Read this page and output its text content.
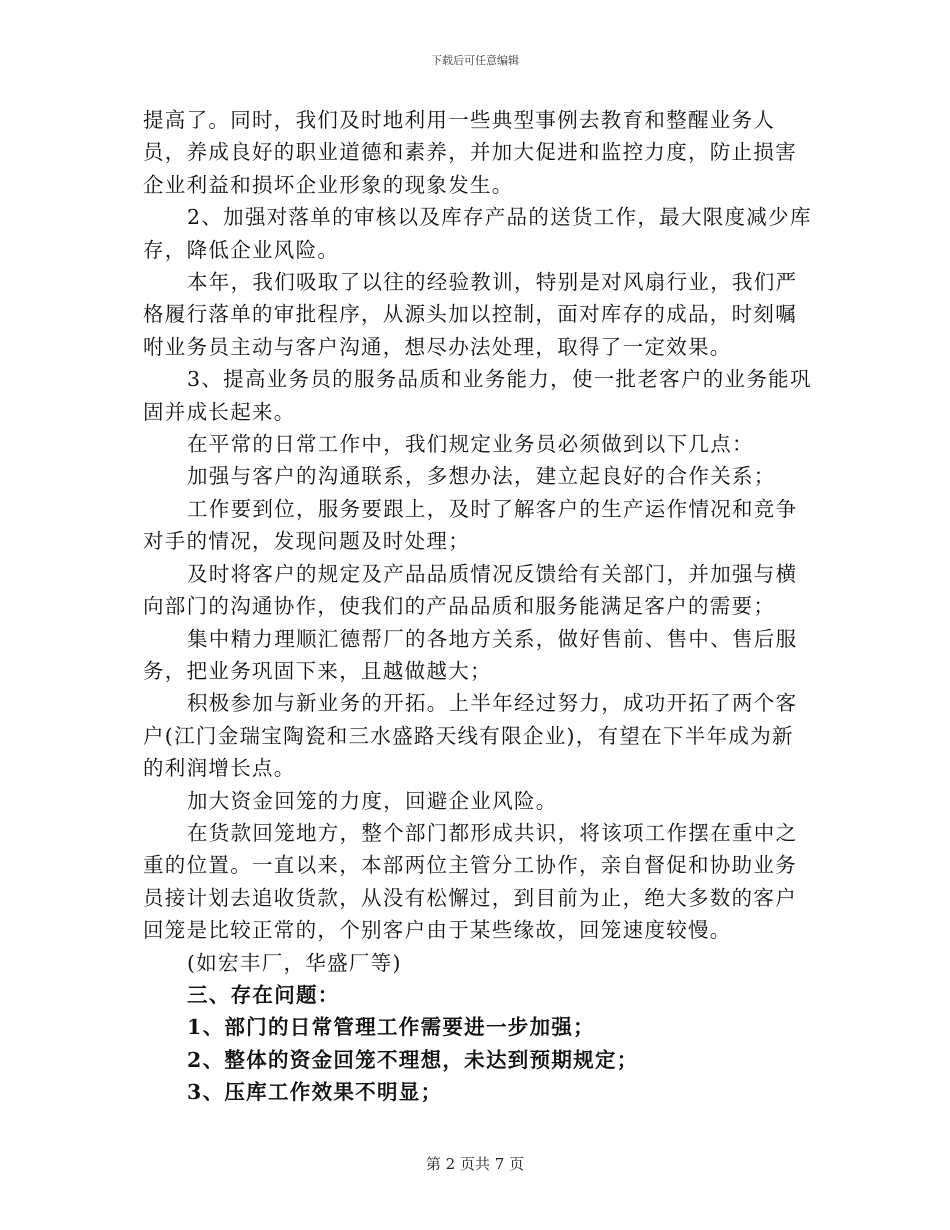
下载后可任意编辑

提高了。同时，我们及时地利用一些典型事例去教育和整醒业务人员，养成良好的职业道德和素养，并加大促进和监控力度，防止损害企业利益和损坏企业形象的现象发生。

2、加强对落单的审核以及库存产品的送货工作，最大限度减少库存，降低企业风险。

本年，我们吸取了以往的经验教训，特别是对风扇行业，我们严格履行落单的审批程序，从源头加以控制，面对库存的成品，时刻嘱咐业务员主动与客户沟通，想尽办法处理，取得了一定效果。

3、提高业务员的服务品质和业务能力，使一批老客户的业务能巩固并成长起来。

在平常的日常工作中，我们规定业务员必须做到以下几点：

加强与客户的沟通联系，多想办法，建立起良好的合作关系；

工作要到位，服务要跟上，及时了解客户的生产运作情况和竞争对手的情况，发现问题及时处理；

及时将客户的规定及产品品质情况反馈给有关部门，并加强与横向部门的沟通协作，使我们的产品品质和服务能满足客户的需要；

集中精力理顺汇德帮厂的各地方关系，做好售前、售中、售后服务，把业务巩固下来，且越做越大；

积极参加与新业务的开拓。上半年经过努力，成功开拓了两个客户(江门金瑞宝陶瓷和三水盛路天线有限企业)，有望在下半年成为新的利润增长点。

加大资金回笼的力度，回避企业风险。

在货款回笼地方，整个部门都形成共识，将该项工作摆在重中之重的位置。一直以来，本部两位主管分工协作，亲自督促和协助业务员接计划去追收货款，从没有松懈过，到目前为止，绝大多数的客户回笼是比较正常的，个别客户由于某些缘故，回笼速度较慢。

(如宏丰厂，华盛厂等)

三、存在问题：

1、部门的日常管理工作需要进一步加强；

2、整体的资金回笼不理想，未达到预期规定；

3、压库工作效果不明显；

第 2 页共 7 页
